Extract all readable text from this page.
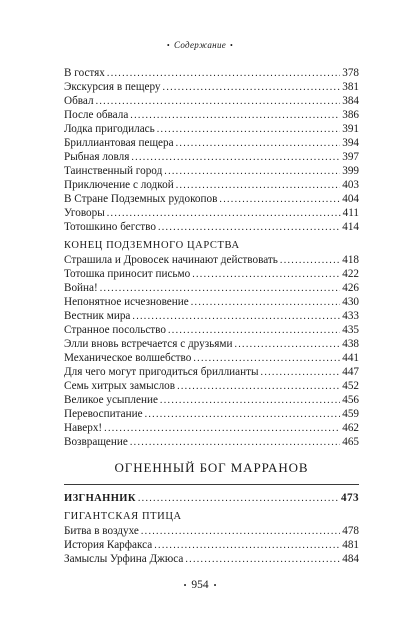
• Содержание •
В гостях .....	378
Экскурсия в пещеру .....	381
Обвал .....	384
После обвала .....	386
Лодка пригодилась .....	391
Бриллиантовая пещера .....	394
Рыбная ловля .....	397
Таинственный город .....	399
Приключение с лодкой .....	403
В Стране Подземных рудокопов .....	404
Уговоры .....	411
Тотошкино бегство .....	414
КОНЕЦ ПОДЗЕМНОГО ЦАРСТВА
Страшила и Дровосек начинают действовать .....	418
Тотошка приносит письмо .....	422
Война! .....	426
Непонятное исчезновение .....	430
Вестник мира .....	433
Странное посольство .....	435
Элли вновь встречается с друзьями .....	438
Механическое волшебство .....	441
Для чего могут пригодиться бриллианты .....	447
Семь хитрых замыслов .....	452
Великое усыпление .....	456
Перевоспитание .....	459
Наверх! .....	462
Возвращение .....	465
ОГНЕННЫЙ БОГ МАРРАНОВ
ИЗГНАННИК .....	473
ГИГАНТСКАЯ ПТИЦА
Битва в воздухе .....	478
История Карфакса .....	481
Замыслы Урфина Джюса .....	484
• 954 •
